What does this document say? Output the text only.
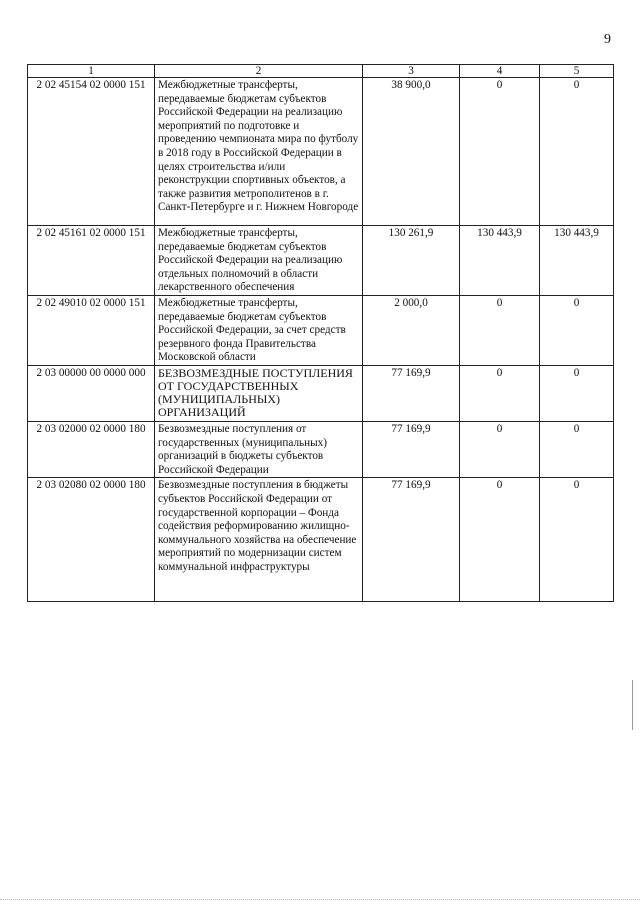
9
1	2	3	4	5
2 02 45154 02 0000 151	Межбюджетные трансферты, передаваемые бюджетам субъектов Российской Федерации на реализацию мероприятий по подготовке и проведению чемпионата мира по футболу в 2018 году в Российской Федерации в целях строительства и/или реконструкции спортивных объектов, а также развития метрополитенов в г. Санкт-Петербурге и г. Нижнем Новгороде	38 900,0	0	0
2 02 45161 02 0000 151	Межбюджетные трансферты, передаваемые бюджетам субъектов Российской Федерации на реализацию отдельных полномочий в области лекарственного обеспечения	130 261,9	130 443,9	130 443,9
2 02 49010 02 0000 151	Межбюджетные трансферты, передаваемые бюджетам субъектов Российской Федерации, за счет средств резервного фонда Правительства Московской области	2 000,0	0	0
2 03 00000 00 0000 000	БЕЗВОЗМЕЗДНЫЕ ПОСТУПЛЕНИЯ ОТ ГОСУДАРСТВЕННЫХ (МУНИЦИПАЛЬНЫХ) ОРГАНИЗАЦИЙ	77 169,9	0	0
2 03 02000 02 0000 180	Безвозмездные поступления от государственных (муниципальных) организаций в бюджеты субъектов Российской Федерации	77 169,9	0	0
2 03 02080 02 0000 180	Безвозмездные поступления в бюджеты субъектов Российской Федерации от государственной корпорации – Фонда содействия реформированию жилищно-коммунального хозяйства на обеспечение мероприятий по модернизации систем коммунальной инфраструктуры	77 169,9	0	0
